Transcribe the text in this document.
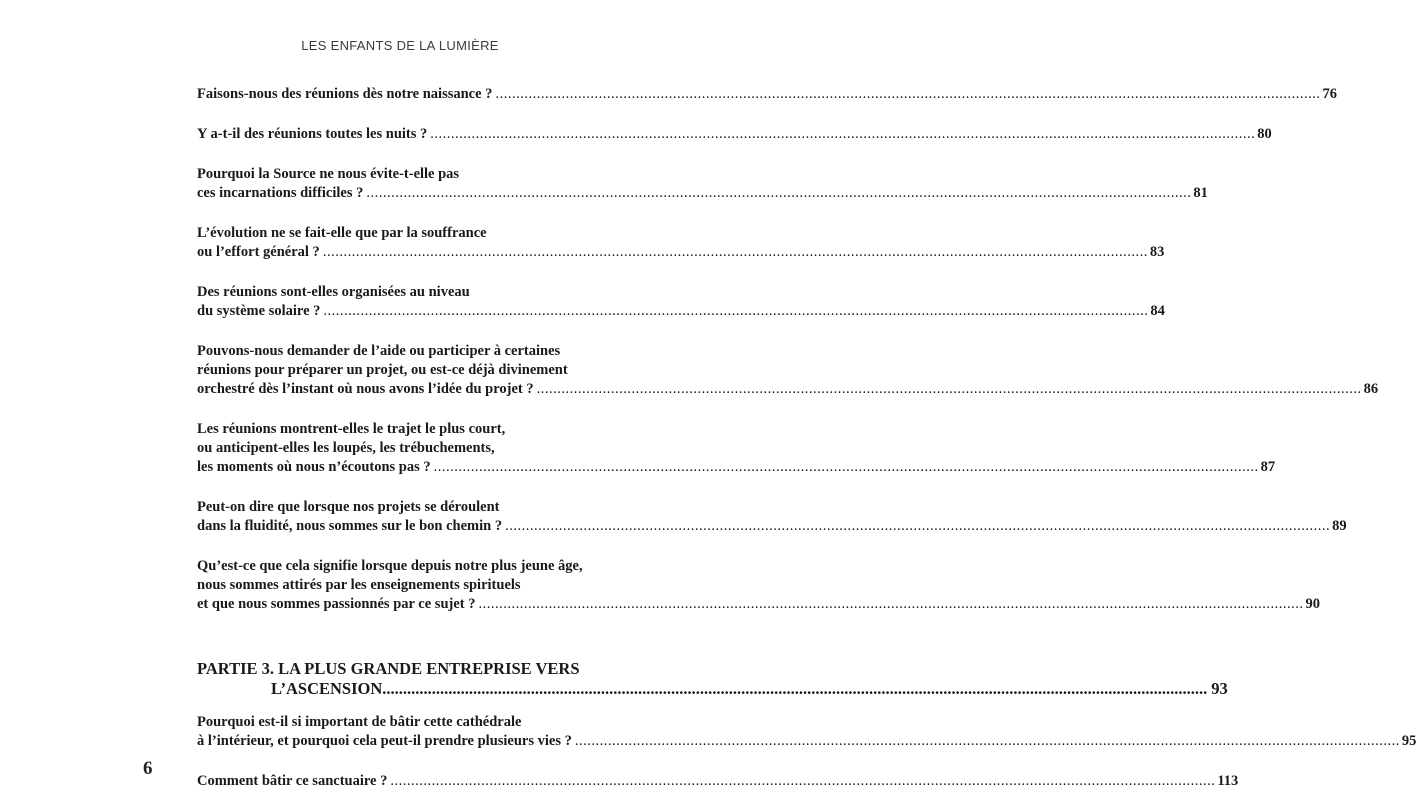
LES ENFANTS DE LA LUMIÈRE
Faisons-nous des réunions dès notre naissance ? ........................................................................................................................................................................................................ 76
Y a-t-il des réunions toutes les nuits ? ........................................................................................................................................................................................................ 80
Pourquoi la Source ne nous évite-t-elle pas
ces incarnations difficiles ? ........................................................................................................................................................................................................ 81
L’évolution ne se fait-elle que par la souffrance
ou l’effort général ? ........................................................................................................................................................................................................ 83
Des réunions sont-elles organisées au niveau
du système solaire ? ........................................................................................................................................................................................................ 84
Pouvons-nous demander de l’aide ou participer à certaines
réunions pour préparer un projet, ou est-ce déjà divinement
orchestré dès l’instant où nous avons l’idée du projet ? ........................................................................................................................................................................................................ 86
Les réunions montrent-elles le trajet le plus court,
ou anticipent-elles les loupés, les trébuchements,
les moments où nous n’écoutons pas ? ........................................................................................................................................................................................................ 87
Peut-on dire que lorsque nos projets se déroulent
dans la fluidité, nous sommes sur le bon chemin ? ........................................................................................................................................................................................................ 89
Qu’est-ce que cela signifie lorsque depuis notre plus jeune âge,
nous sommes attirés par les enseignements spirituels
et que nous sommes passionnés par ce sujet ? ........................................................................................................................................................................................................ 90
PARTIE 3. LA PLUS GRANDE ENTREPRISE VERS
L’ASCENSION ........................................................................................................................................................................................................ 93
Pourquoi est-il si important de bâtir cette cathédrale
à l’intérieur, et pourquoi cela peut-il prendre plusieurs vies ? ........................................................................................................................................................................................................ 95
Comment bâtir ce sanctuaire ? ........................................................................................................................................................................................................ 113
6
